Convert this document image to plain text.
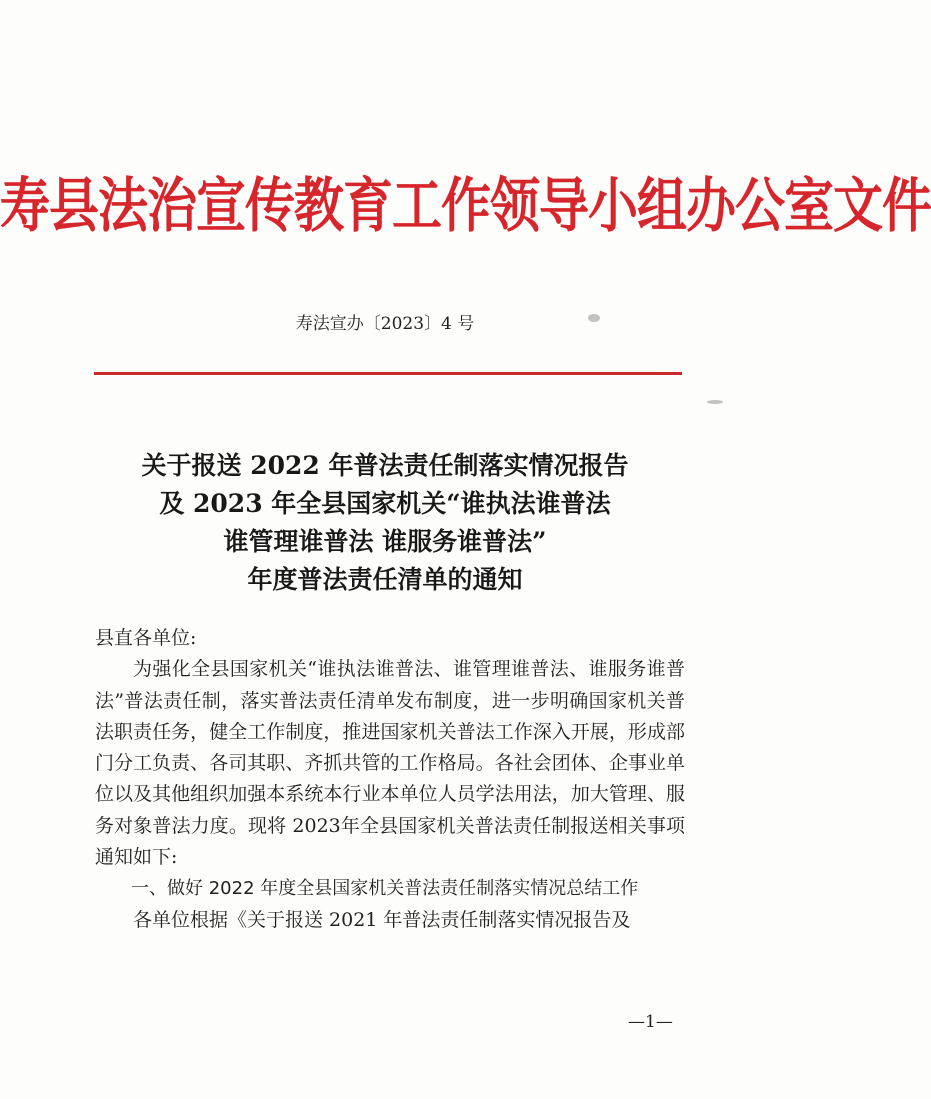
寿县法治宣传教育工作领导小组办公室文件
寿法宣办〔2023〕4 号
关于报送 2022 年普法责任制落实情况报告
及 2023 年全县国家机关“谁执法谁普法
谁管理谁普法 谁服务谁普法”
年度普法责任清单的通知

县直各单位:

为强化全县国家机关“谁执法谁普法、谁管理谁普法、谁服务谁普法”普法责任制，落实普法责任清单发布制度，进一步明确国家机关普法职责任务，健全工作制度，推进国家机关普法工作深入开展，形成部门分工负责、各司其职、齐抓共管的工作格局。各社会团体、企事业单位以及其他组织加强本系统本行业本单位人员学法用法，加大管理、服务对象普法力度。现将 2023年全县国家机关普法责任制报送相关事项通知如下:

一、做好 2022 年度全县国家机关普法责任制落实情况总结工作

各单位根据《关于报送 2021 年普法责任制落实情况报告及

—1—
